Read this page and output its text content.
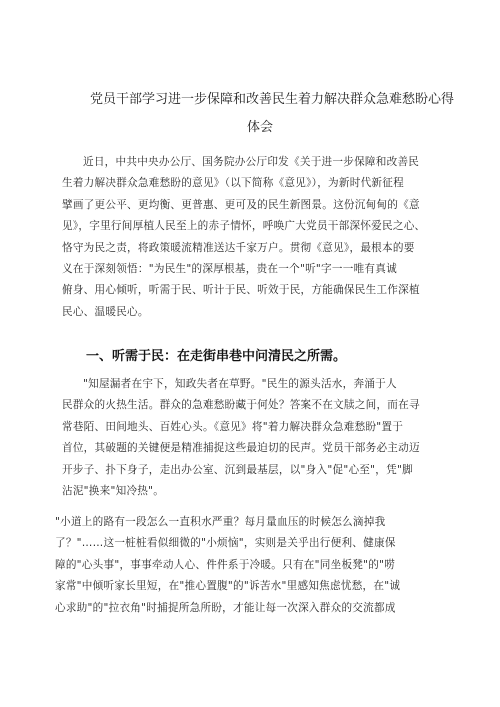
党员干部学习进一步保障和改善民生着力解决群众急难愁盼心得
体会
近日，中共中央办公厅、国务院办公厅印发《关于进一步保障和改善民
生着力解决群众急难愁盼的意见》（以下简称《意见》），为新时代新征程
擘画了更公平、更均衡、更普惠、更可及的民生新图景。这份沉甸甸的《意
见》，字里行间厚植人民至上的赤子情怀，呼唤广大党员干部深怀爱民之心、
恪守为民之责，将政策暖流精准送达千家万户。贯彻《意见》，最根本的要
义在于深刻领悟："为民生"的深厚根基，贵在一个"听"字一一唯有真诚
俯身、用心倾听，听需于民、听计于民、听效于民，方能确保民生工作深植
民心、温暖民心。
一、听需于民：在走街串巷中问清民之所需。
"知屋漏者在宇下，知政失者在草野。"民生的源头活水，奔涌于人
民群众的火热生活。群众的急难愁盼藏于何处？答案不在文牍之间，而在寻
常巷陌、田间地头、百姓心头。《意见》将"着力解决群众急难愁盼"置于
首位，其破题的关键便是精准捕捉这些最迫切的民声。党员干部务必主动迈
开步子、扑下身子，走出办公室、沉到最基层，以"身入"促"心至"，凭"脚
沾泥"换来"知冷热"。
"小道上的路有一段怎么一直积水严重？每月量血压的时候怎么滴掉我
了？"……这一桩桩看似细微的"小烦恼"，实则是关乎出行便利、健康保
障的"心头事"，事事牵动人心、件件系于冷暖。只有在"同坐板凳"的"唠
家常"中倾听家长里短，在"推心置腹"的"诉苦水"里感知焦虑忧愁，在"诚
心求助"的"拉衣角"时捕捉所急所盼，才能让每一次深入群众的交流都成
